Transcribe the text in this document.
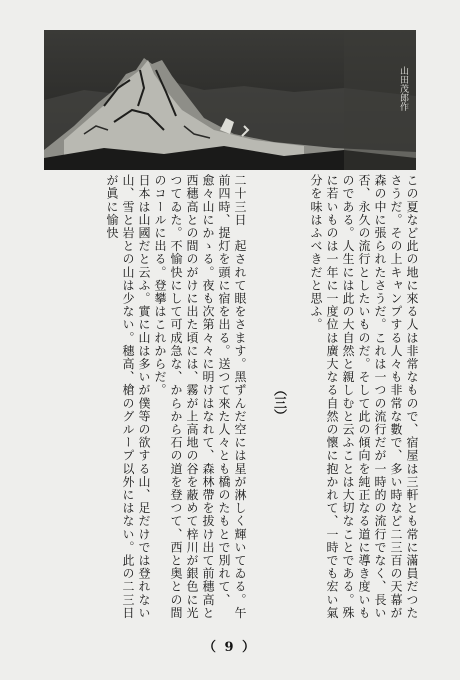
山田茂郎作

この夏など此の地に來る人は非常なもので、宿屋は三軒とも常に滿員だつたさうだ。その上キャンプする人々も非常な數で、多い時など二三百の天幕が森の中に張られたさうだ。これは一つの流行だが一時的の流行でなく、長い否、永久の流行としたいものだ。そして此の傾向を純正なる道に導き度いものである。人生には此の大自然と親しむと云ふことは大切なことである。殊に若いものは一年に一度位は廣大なる自然の懷に抱かれて、一時でも宏い氣分を味はふべきだと思ふ。

（三）

二十三日　起されて眼をさます。黑ずんだ空には星が淋しく輝いてゐる。午前四時、提灯を頭に宿を出る。送つて來た人々とも橋のたもとで別れて、愈々山にかゝる。夜も次第々々に明けはなれて、森林帶を拔け出て前穗高と西穗高との間のがけに出た頃には、霧が上高地の谷を蔽めて梓川が銀色に光つてゐた。不愉快にして可成急な、からから石の道を登つて、西と奥との間のコールに出る。登攀はこれからだ。

日本は山國だと云ふ。實に山は多いが僕等の欲する山、足だけでは登れない山、雪と岩との山は少ない。穗高、槍のグループ以外にはない。此の二三日が眞に愉快

（ 9 ）
